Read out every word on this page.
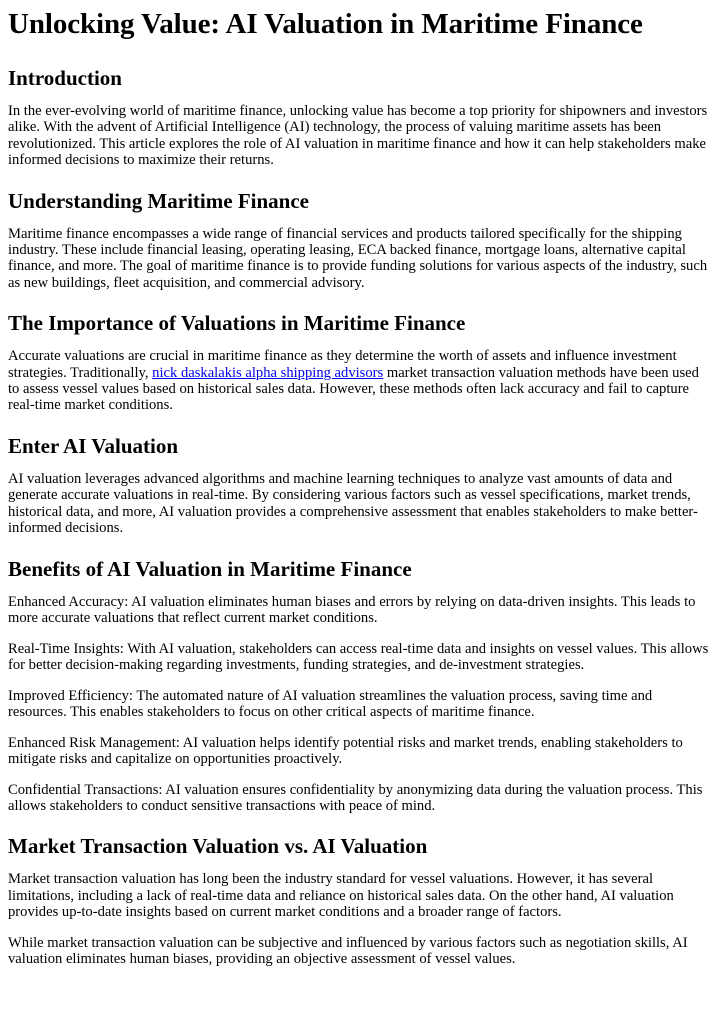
Unlocking Value: AI Valuation in Maritime Finance
Introduction

In the ever-evolving world of maritime finance, unlocking value has become a top priority for shipowners and investors alike. With the advent of Artificial Intelligence (AI) technology, the process of valuing maritime assets has been revolutionized. This article explores the role of AI valuation in maritime finance and how it can help stakeholders make informed decisions to maximize their returns.

Understanding Maritime Finance

Maritime finance encompasses a wide range of financial services and products tailored specifically for the shipping industry. These include financial leasing, operating leasing, ECA backed finance, mortgage loans, alternative capital finance, and more. The goal of maritime finance is to provide funding solutions for various aspects of the industry, such as new buildings, fleet acquisition, and commercial advisory.

The Importance of Valuations in Maritime Finance

Accurate valuations are crucial in maritime finance as they determine the worth of assets and influence investment strategies. Traditionally, nick daskalakis alpha shipping advisors market transaction valuation methods have been used to assess vessel values based on historical sales data. However, these methods often lack accuracy and fail to capture real-time market conditions.

Enter AI Valuation

AI valuation leverages advanced algorithms and machine learning techniques to analyze vast amounts of data and generate accurate valuations in real-time. By considering various factors such as vessel specifications, market trends, historical data, and more, AI valuation provides a comprehensive assessment that enables stakeholders to make better-informed decisions.

Benefits of AI Valuation in Maritime Finance

Enhanced Accuracy: AI valuation eliminates human biases and errors by relying on data-driven insights. This leads to more accurate valuations that reflect current market conditions.

Real-Time Insights: With AI valuation, stakeholders can access real-time data and insights on vessel values. This allows for better decision-making regarding investments, funding strategies, and de-investment strategies.

Improved Efficiency: The automated nature of AI valuation streamlines the valuation process, saving time and resources. This enables stakeholders to focus on other critical aspects of maritime finance.

Enhanced Risk Management: AI valuation helps identify potential risks and market trends, enabling stakeholders to mitigate risks and capitalize on opportunities proactively.

Confidential Transactions: AI valuation ensures confidentiality by anonymizing data during the valuation process. This allows stakeholders to conduct sensitive transactions with peace of mind.

Market Transaction Valuation vs. AI Valuation

Market transaction valuation has long been the industry standard for vessel valuations. However, it has several limitations, including a lack of real-time data and reliance on historical sales data. On the other hand, AI valuation provides up-to-date insights based on current market conditions and a broader range of factors.

While market transaction valuation can be subjective and influenced by various factors such as negotiation skills, AI valuation eliminates human biases, providing an objective assessment of vessel values.
